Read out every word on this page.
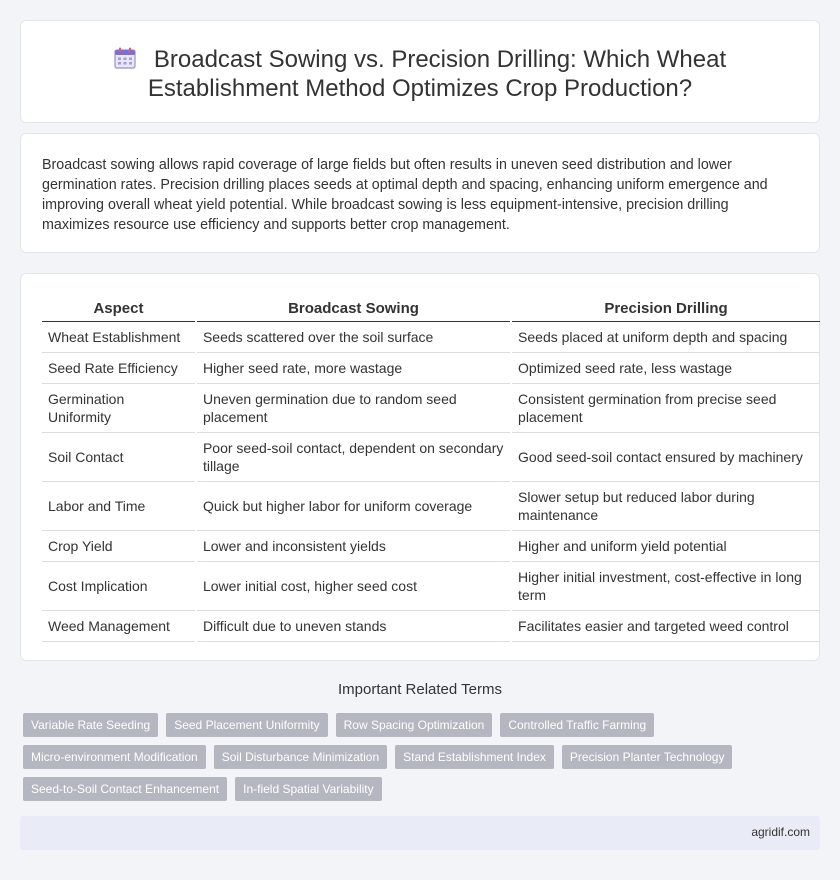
Broadcast Sowing vs. Precision Drilling: Which Wheat
Establishment Method Optimizes Crop Production?

Broadcast sowing allows rapid coverage of large fields but often results in uneven seed distribution and lower germination rates. Precision drilling places seeds at optimal depth and spacing, enhancing uniform emergence and improving overall wheat yield potential. While broadcast sowing is less equipment-intensive, precision drilling maximizes resource use efficiency and supports better crop management.

Aspect	Broadcast Sowing	Precision Drilling
Wheat Establishment	Seeds scattered over the soil surface	Seeds placed at uniform depth and spacing
Seed Rate Efficiency	Higher seed rate, more wastage	Optimized seed rate, less wastage
Germination Uniformity	Uneven germination due to random seed placement	Consistent germination from precise seed placement
Soil Contact	Poor seed-soil contact, dependent on secondary tillage	Good seed-soil contact ensured by machinery
Labor and Time	Quick but higher labor for uniform coverage	Slower setup but reduced labor during maintenance
Crop Yield	Lower and inconsistent yields	Higher and uniform yield potential
Cost Implication	Lower initial cost, higher seed cost	Higher initial investment, cost-effective in long term
Weed Management	Difficult due to uneven stands	Facilitates easier and targeted weed control
Important Related Terms
Variable Rate Seeding	Seed Placement Uniformity	Row Spacing Optimization	Controlled Traffic Farming
Micro-environment Modification	Soil Disturbance Minimization	Stand Establishment Index	Precision Planter Technology
Seed-to-Soil Contact Enhancement	In-field Spatial Variability
agridif.com
